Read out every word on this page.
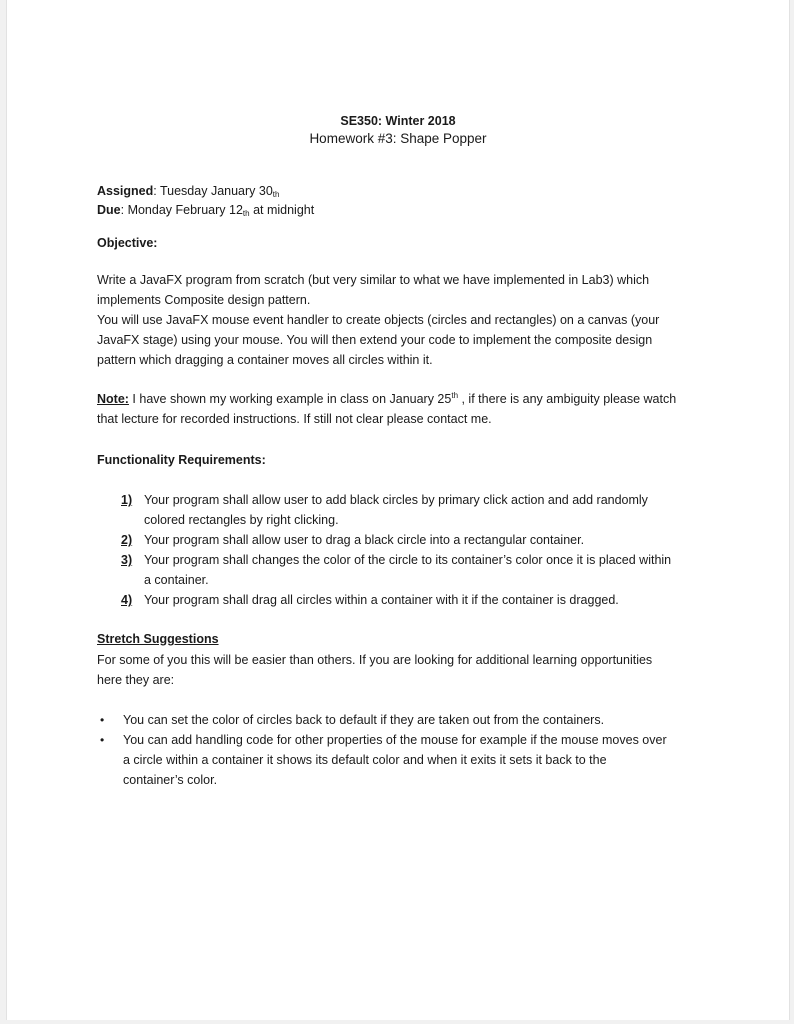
SE350: Winter 2018
Homework #3: Shape Popper
Assigned: Tuesday January $30_{th}$
Due: Monday February $12_{th}$ at midnight
Objective:
Write a JavaFX program from scratch (but very similar to what we have implemented in Lab3) which
implements Composite design pattern.
You will use JavaFX mouse event handler to create objects (circles and rectangles) on a canvas (your
JavaFX stage) using your mouse. You will then extend your code to implement the composite design
pattern which dragging a container moves all circles within it.
Note: I have shown my working example in class on January 25th , if there is any ambiguity please watch
that lecture for recorded instructions. If still not clear please contact me.
Functionality Requirements:
1) Your program shall allow user to add black circles by primary click action and add randomly
colored rectangles by right clicking.
2) Your program shall allow user to drag a black circle into a rectangular container.
3) Your program shall changes the color of the circle to its container’s color once it is placed within
a container.
4) Your program shall drag all circles within a container with it if the container is dragged.
Stretch Suggestions
For some of you this will be easier than others. If you are looking for additional learning opportunities
here they are:
• You can set the color of circles back to default if they are taken out from the containers.
• You can add handling code for other properties of the mouse for example if the mouse moves over
a circle within a container it shows its default color and when it exits it sets it back to the
container’s color.
